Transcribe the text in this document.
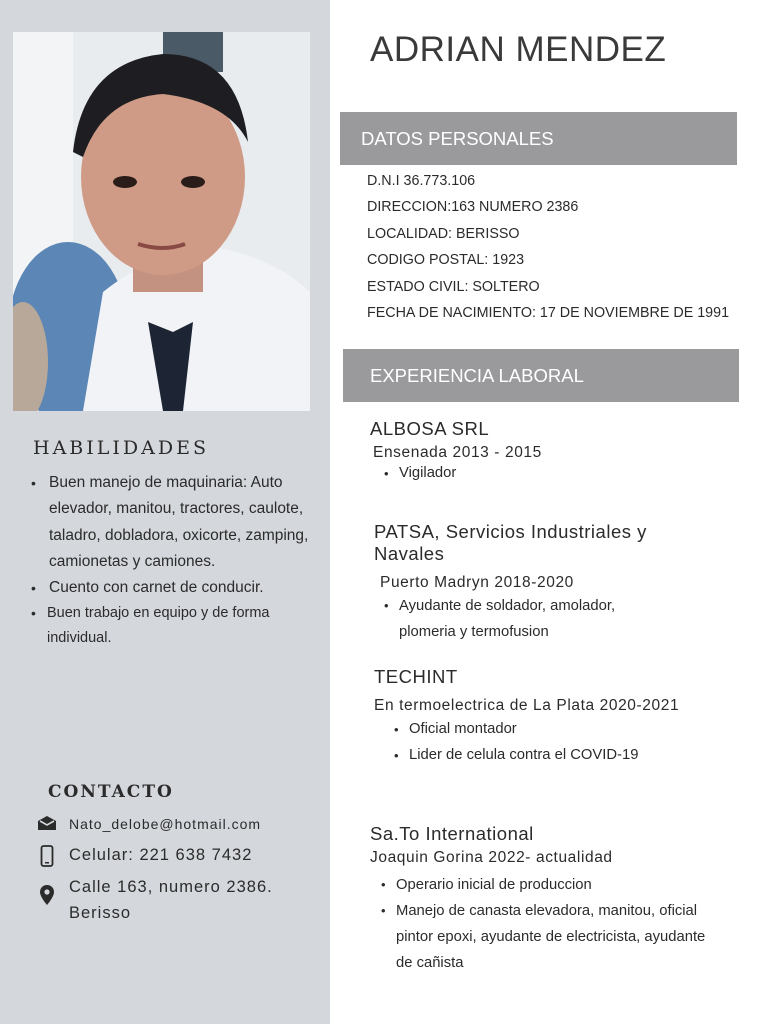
HABILIDADES
• Buen manejo de maquinaria: Auto elevador, manitou, tractores, caulote, taladro, dobladora, oxicorte, zamping, camionetas y camiones.
• Cuento con carnet de conducir.
• Buen trabajo en equipo y de forma individual.
CONTACTO
Nato_delobe@hotmail.com
Celular: 221 638 7432
Calle 163, numero 2386. Berisso
ADRIAN MENDEZ
DATOS PERSONALES
D.N.I 36.773.106
DIRECCION:163 NUMERO 2386
LOCALIDAD: BERISSO
CODIGO POSTAL: 1923
ESTADO CIVIL: SOLTERO
FECHA DE NACIMIENTO: 17 DE NOVIEMBRE DE 1991
EXPERIENCIA LABORAL
ALBOSA SRL
Ensenada 2013 - 2015
• Vigilador
PATSA, Servicios Industriales y Navales
Puerto Madryn 2018-2020
• Ayudante de soldador, amolador, plomeria y termofusion
TECHINT
En termoelectrica de La Plata 2020-2021
• Oficial montador
• Lider de celula contra el COVID-19
Sa.To International
Joaquin Gorina 2022- actualidad
• Operario inicial de produccion
• Manejo de canasta elevadora, manitou, oficial pintor epoxi, ayudante de electricista, ayudante de cañista
